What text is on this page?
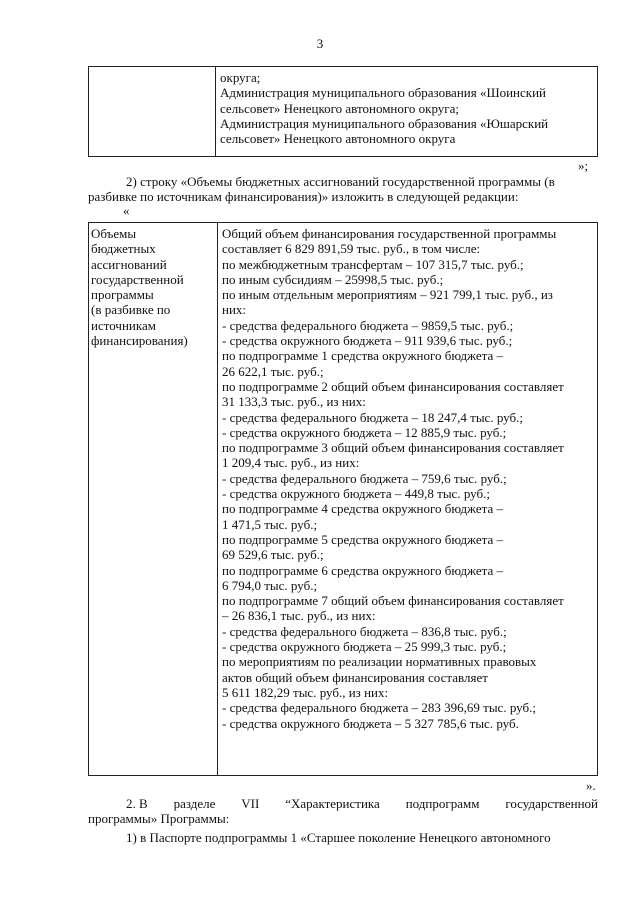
3
округа;
Администрация муниципального образования «Шоинский
сельсовет» Ненецкого автономного округа;
Администрация муниципального образования «Юшарский
сельсовет» Ненецкого автономного округа
»;
2) строку «Объемы бюджетных ассигнований государственной программы (в
разбивке по источникам финансирования)» изложить в следующей редакции:
«
Объемы
бюджетных
ассигнований
государственной
программы
(в разбивке по
источникам
финансирования)
Общий объем финансирования государственной программы
составляет 6 829 891,59 тыс. руб., в том числе:
по межбюджетным трансфертам – 107 315,7 тыс. руб.;
по иным субсидиям – 25998,5 тыс. руб.;
по иным отдельным мероприятиям – 921 799,1 тыс. руб., из
них:
- средства федерального бюджета – 9859,5 тыс. руб.;
- средства окружного бюджета – 911 939,6 тыс. руб.;
по подпрограмме 1 средства окружного бюджета –
26 622,1 тыс. руб.;
по подпрограмме 2 общий объем финансирования составляет
31 133,3 тыс. руб., из них:
- средства федерального бюджета – 18 247,4 тыс. руб.;
- средства окружного бюджета – 12 885,9 тыс. руб.;
по подпрограмме 3 общий объем финансирования составляет
1 209,4 тыс. руб., из них:
- средства федерального бюджета – 759,6 тыс. руб.;
- средства окружного бюджета – 449,8 тыс. руб.;
по подпрограмме 4 средства окружного бюджета –
1 471,5 тыс. руб.;
по подпрограмме 5 средства окружного бюджета –
69 529,6 тыс. руб.;
по подпрограмме 6 средства окружного бюджета –
6 794,0 тыс. руб.;
по подпрограмме 7 общий объем финансирования составляет
– 26 836,1 тыс. руб., из них:
- средства федерального бюджета – 836,8 тыс. руб.;
- средства окружного бюджета – 25 999,3 тыс. руб.;
по мероприятиям по реализации нормативных правовых
актов общий объем финансирования составляет
5 611 182,29 тыс. руб., из них:
- средства федерального бюджета – 283 396,69 тыс. руб.;
- средства окружного бюджета – 5 327 785,6 тыс. руб.
».
2. В разделе VII “Характеристика подпрограмм государственной
программы» Программы:
1) в Паспорте подпрограммы 1 «Старшее поколение Ненецкого автономного
